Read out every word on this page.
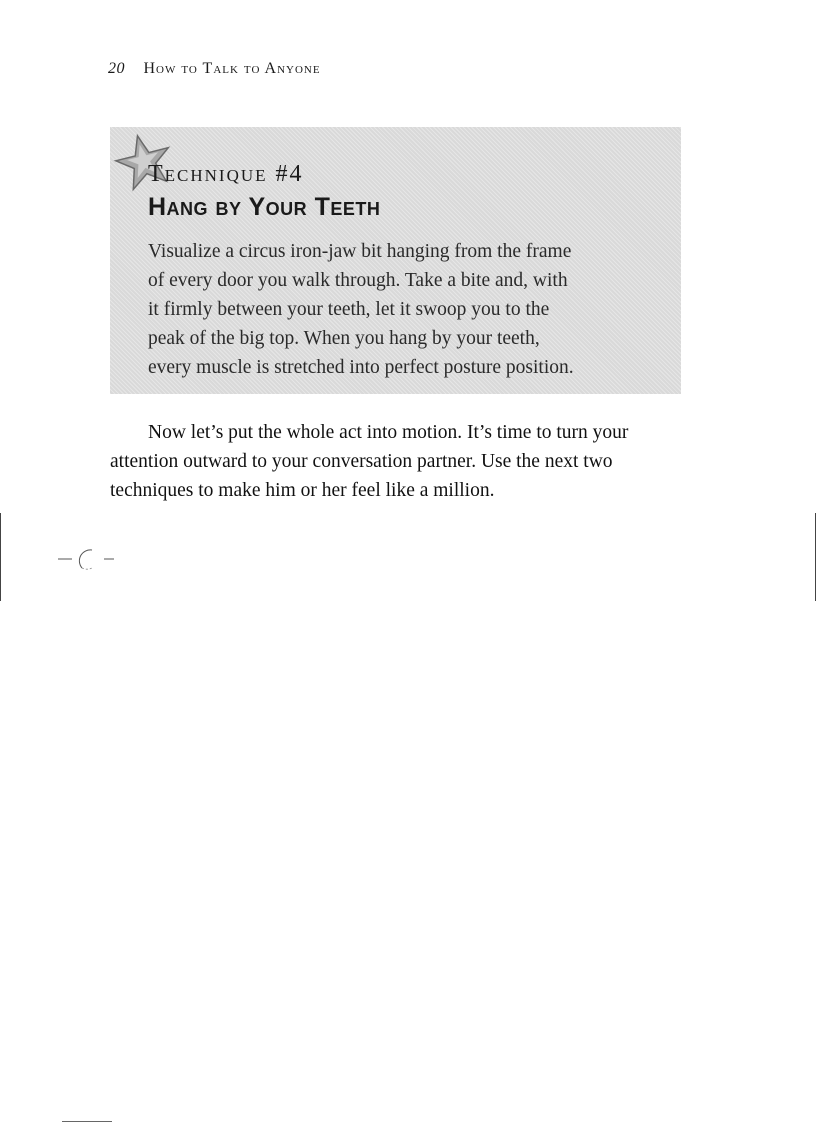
20 How to Talk to Anyone
Technique #4
Hang by Your Teeth

Visualize a circus iron-jaw bit hanging from the frame
of every door you walk through. Take a bite and, with
it firmly between your teeth, let it swoop you to the
peak of the big top. When you hang by your teeth,
every muscle is stretched into perfect posture position.

Now let’s put the whole act into motion. It’s time to turn your
attention outward to your conversation partner. Use the next two
techniques to make him or her feel like a million.
